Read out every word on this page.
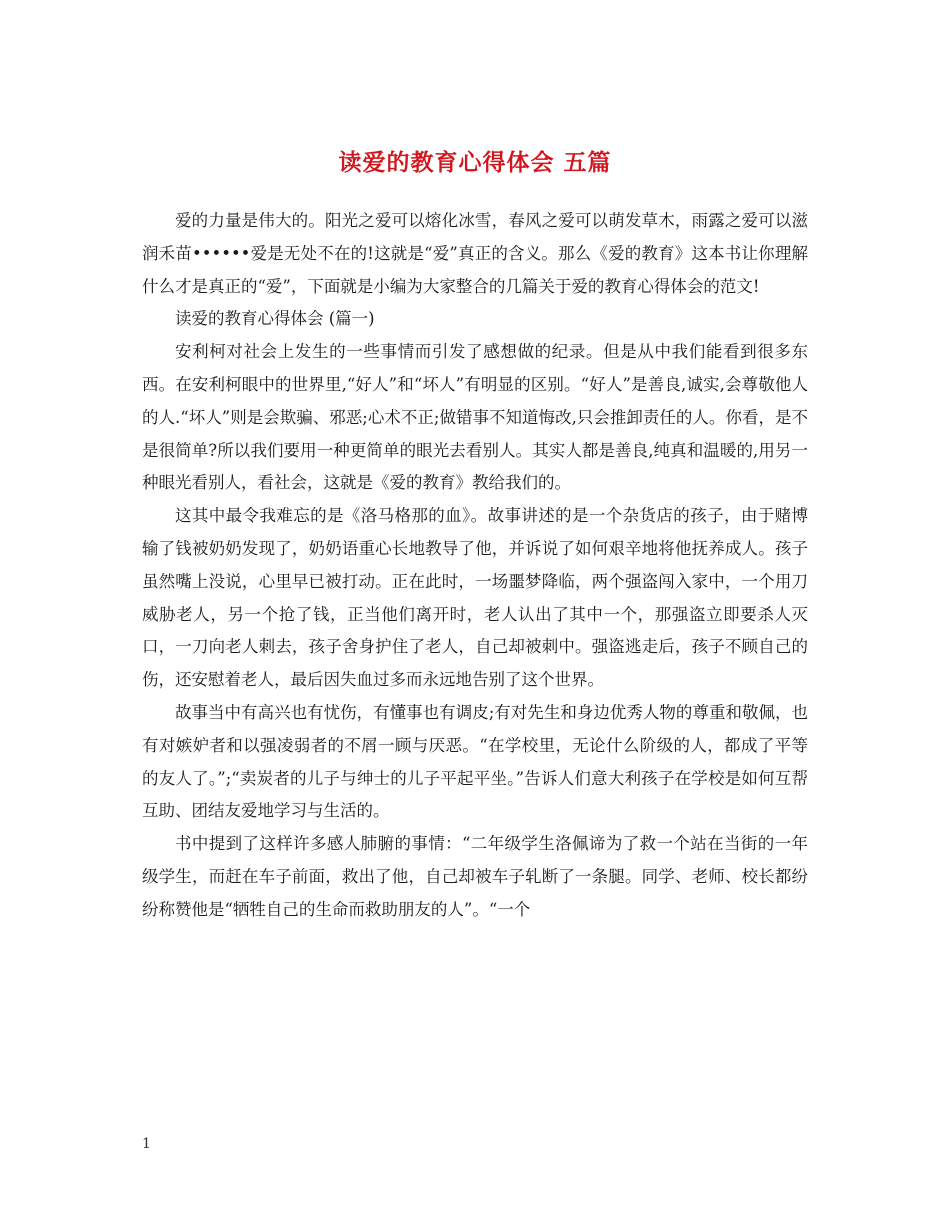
读爱的教育心得体会 五篇

爱的力量是伟大的。阳光之爱可以熔化冰雪，春风之爱可以萌发草木，雨露之爱可以滋润禾苗••••••爱是无处不在的!这就是“爱”真正的含义。那么《爱的教育》这本书让你理解什么才是真正的“爱”，下面就是小编为大家整合的几篇关于爱的教育心得体会的范文!

读爱的教育心得体会 (篇一)

安利柯对社会上发生的一些事情而引发了感想做的纪录。但是从中我们能看到很多东西。在安利柯眼中的世界里,“好人”和“坏人”有明显的区别。“好人”是善良,诚实,会尊敬他人的人.“坏人”则是会欺骗、邪恶;心术不正;做错事不知道悔改,只会推卸责任的人。你看，是不是很简单?所以我们要用一种更简单的眼光去看别人。其实人都是善良,纯真和温暖的,用另一种眼光看别人，看社会，这就是《爱的教育》教给我们的。

这其中最令我难忘的是《洛马格那的血》。故事讲述的是一个杂货店的孩子，由于赌博输了钱被奶奶发现了，奶奶语重心长地教导了他，并诉说了如何艰辛地将他抚养成人。孩子虽然嘴上没说，心里早已被打动。正在此时，一场噩梦降临，两个强盗闯入家中，一个用刀威胁老人，另一个抢了钱，正当他们离开时，老人认出了其中一个，那强盗立即要杀人灭口，一刀向老人刺去，孩子舍身护住了老人，自己却被刺中。强盗逃走后，孩子不顾自己的伤，还安慰着老人，最后因失血过多而永远地告别了这个世界。

故事当中有高兴也有忧伤，有懂事也有调皮;有对先生和身边优秀人物的尊重和敬佩，也有对嫉妒者和以强凌弱者的不屑一顾与厌恶。“在学校里，无论什么阶级的人，都成了平等的友人了。”;“卖炭者的儿子与绅士的儿子平起平坐。”告诉人们意大利孩子在学校是如何互帮互助、团结友爱地学习与生活的。

书中提到了这样许多感人肺腑的事情：“二年级学生洛佩谛为了救一个站在当街的一年级学生，而赶在车子前面，救出了他，自己却被车子轧断了一条腿。同学、老师、校长都纷纷称赞他是“牺牲自己的生命而救助朋友的人”。“一个

1
